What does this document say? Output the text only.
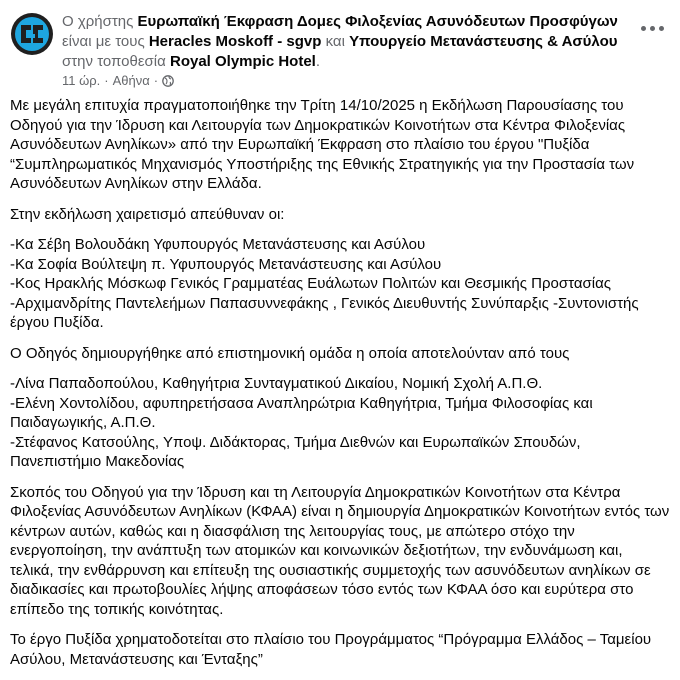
Ο χρήστης Ευρωπαϊκή Έκφραση Δομες Φιλοξενίας Ασυνόδευτων Προσφύγων είναι με τους Heracles Moskoff - sgvp και Υπουργείο Μετανάστευσης & Ασύλου στην τοποθεσία Royal Olympic Hotel.
11 ώρ. · Αθήνα ·

Με μεγάλη επιτυχία πραγματοποιήθηκε την Τρίτη 14/10/2025 η Εκδήλωση Παρουσίασης του Οδηγού για την Ίδρυση και Λειτουργία των Δημοκρατικών Κοινοτήτων στα Κέντρα Φιλοξενίας Ασυνόδευτων Ανηλίκων» από την Ευρωπαϊκή Έκφραση στο πλαίσιο του έργου "Πυξίδα “Συμπληρωματικός Μηχανισμός Υποστήριξης της Εθνικής Στρατηγικής για την Προστασία των Ασυνόδευτων Ανηλίκων στην Ελλάδα.

Στην εκδήλωση χαιρετισμό απεύθυναν οι:

-Κα Σέβη Βολουδάκη Υφυπουργός Μετανάστευσης και Ασύλου

-Κα Σοφία Βούλτεψη π. Υφυπουργός Μετανάστευσης και Ασύλου

-Κος Ηρακλής Μόσκωφ Γενικός Γραμματέας Ευάλωτων Πολιτών και Θεσμικής Προστασίας

-Αρχιμανδρίτης Παντελεήμων Παπασυννεφάκης , Γενικός Διευθυντής Συνύπαρξις -Συντονιστής έργου Πυξίδα.

Ο Οδηγός δημιουργήθηκε από επιστημονική ομάδα η οποία αποτελούνταν από τους

-Λίνα Παπαδοπούλου, Καθηγήτρια Συνταγματικού Δικαίου, Νομική Σχολή Α.Π.Θ.

-Ελένη Χοντολίδου, αφυπηρετήσασα Αναπληρώτρια Καθηγήτρια, Τμήμα Φιλοσοφίας και Παιδαγωγικής, Α.Π.Θ.

-Στέφανος Κατσούλης, Υποψ. Διδάκτορας, Τμήμα Διεθνών και Ευρωπαϊκών Σπουδών, Πανεπιστήμιο Μακεδονίας

Σκοπός του Οδηγού για την Ίδρυση και τη Λειτουργία Δημοκρατικών Κοινοτήτων στα Κέντρα Φιλοξενίας Ασυνόδευτων Ανηλίκων (ΚΦΑΑ) είναι η δημιουργία Δημοκρατικών Κοινοτήτων εντός των κέντρων αυτών, καθώς και η διασφάλιση της λειτουργίας τους, με απώτερο στόχο την ενεργοποίηση, την ανάπτυξη των ατομικών και κοινωνικών δεξιοτήτων, την ενδυνάμωση και, τελικά, την ενθάρρυνση και επίτευξη της ουσιαστικής συμμετοχής των ασυνόδευτων ανηλίκων σε διαδικασίες και πρωτοβουλίες λήψης αποφάσεων τόσο εντός των ΚΦΑΑ όσο και ευρύτερα στο επίπεδο της τοπικής κοινότητας.

Το έργο Πυξίδα χρηματοδοτείται στο πλαίσιο του Προγράμματος “Πρόγραμμα Ελλάδος – Ταμείου Ασύλου, Μετανάστευσης και Ένταξης”
